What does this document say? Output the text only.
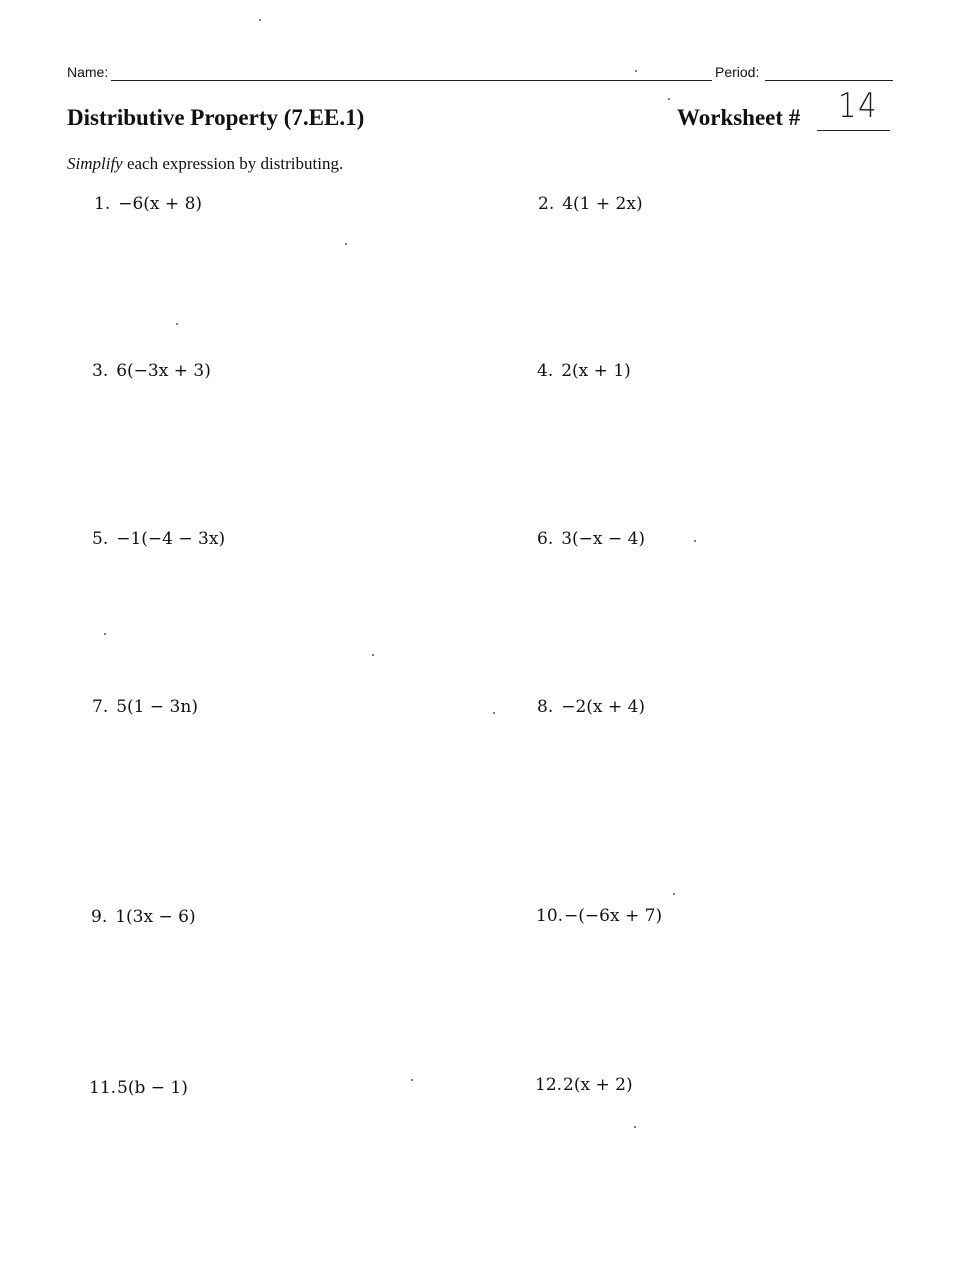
Name:	Period:
Distributive Property (7.EE.1)	Worksheet # 14
Simplify each expression by distributing.
1. −6(x + 8)	2. 4(1 + 2x)
3. 6(−3x + 3)	4. 2(x + 1)
5. −1(−4 − 3x)	6. 3(−x − 4)
7. 5(1 − 3n)	8. −2(x + 4)
9. 1(3x − 6)	10.−(−6x + 7)
11.5(b − 1)	12.2(x + 2)
